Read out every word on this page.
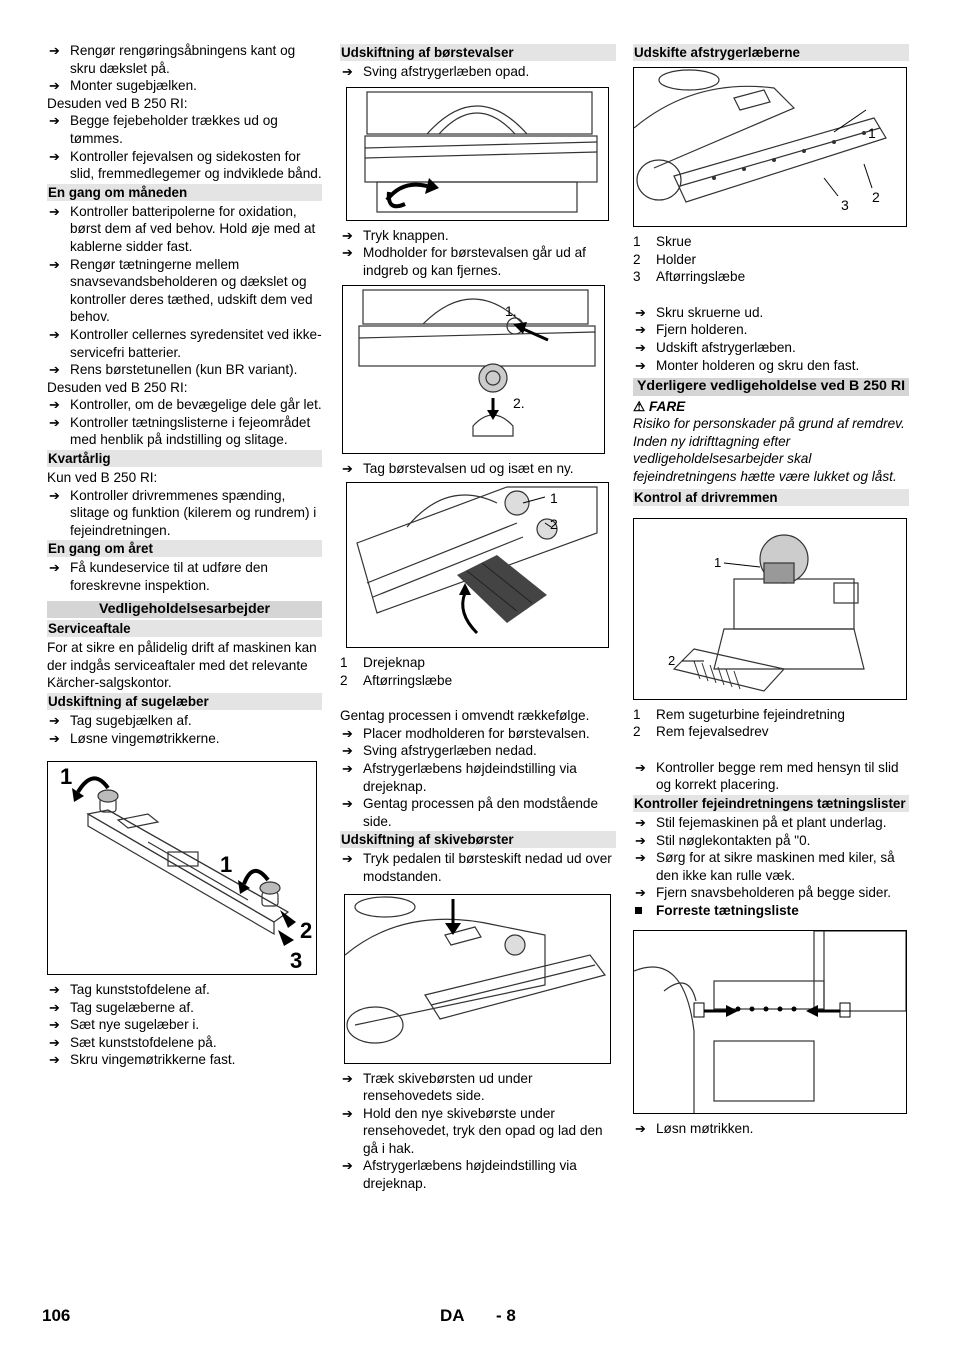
➔ Rengør rengøringsåbningens kant og skru dækslet på.
➔ Monter sugebjælken.
Desuden ved B 250 RI:
➔ Begge fejebeholder trækkes ud og tømmes.
➔ Kontroller fejevalsen og sidekosten for slid, fremmedlegemer og indviklede bånd.
En gang om måneden
➔ Kontroller batteripolerne for oxidation, børst dem af ved behov. Hold øje med at kablerne sidder fast.
➔ Rengør tætningerne mellem snavsevandsbeholderen og dækslet og kontroller deres tæthed, udskift dem ved behov.
➔ Kontroller cellernes syredensitet ved ikke-servicefri batterier.
➔ Rens børstetunellen (kun BR variant).
Desuden ved B 250 RI:
➔ Kontroller, om de bevægelige dele går let.
➔ Kontroller tætningslisterne i fejeområdet med henblik på indstilling og slitage.
Kvartårlig
Kun ved B 250 RI:
➔ Kontroller drivremmenes spænding, slitage og funktion (kilerem og rundrem) i fejeindretningen.
En gang om året
➔ Få kundeservice til at udføre den foreskrevne inspektion.
Vedligeholdelsesarbejder
Serviceaftale
For at sikre en pålidelig drift af maskinen kan der indgås serviceaftaler med det relevante Kärcher-salgskontor.
Udskiftning af sugelæber
➔ Tag sugebjælken af.
➔ Løsne vingemøtrikkerne.
1
1
2
3
➔ Tag kunststofdelene af.
➔ Tag sugelæberne af.
➔ Sæt nye sugelæber i.
➔ Sæt kunststofdelene på.
➔ Skru vingemøtrikkerne fast.
Udskiftning af børstevalser
➔ Sving afstrygerlæben opad.
➔ Tryk knappen.
➔ Modholder for børstevalsen går ud af indgreb og kan fjernes.
1.
2.
➔ Tag børstevalsen ud og isæt en ny.
1
2
1 Drejeknap
2 Aftørringslæbe
Gentag processen i omvendt rækkefølge.
➔ Placer modholderen for børstevalsen.
➔ Sving afstrygerlæben nedad.
➔ Afstrygerlæbens højdeindstilling via drejeknap.
➔ Gentag processen på den modstående side.
Udskiftning af skivebørster
➔ Tryk pedalen til børsteskift nedad ud over modstanden.
➔ Træk skivebørsten ud under rensehovedets side.
➔ Hold den nye skivebørste under rensehovedet, tryk den opad og lad den gå i hak.
➔ Afstrygerlæbens højdeindstilling via drejeknap.
Udskifte afstrygerlæberne
1
2
3
1 Skrue
2 Holder
3 Aftørringslæbe
➔ Skru skruerne ud.
➔ Fjern holderen.
➔ Udskift afstrygerlæben.
➔ Monter holderen og skru den fast.
Yderligere vedligeholdelse ved B 250 RI
⚠ FARE
Risiko for personskader på grund af remdrev. Inden ny idrifttagning efter vedligeholdelsesarbejder skal fejeindretningens hætte være lukket og låst.
Kontrol af drivremmen
1
2
1 Rem sugeturbine fejeindretning
2 Rem fejevalsedrev
➔ Kontroller begge rem med hensyn til slid og korrekt placering.
Kontroller fejeindretningens tætningslister
➔ Stil fejemaskinen på et plant underlag.
➔ Stil nøglekontakten på "0.
➔ Sørg for at sikre maskinen med kiler, så den ikke kan rulle væk.
➔ Fjern snavsbeholderen på begge sider.
Forreste tætningsliste
➔ Løsn møtrikken.
106	DA - 8
